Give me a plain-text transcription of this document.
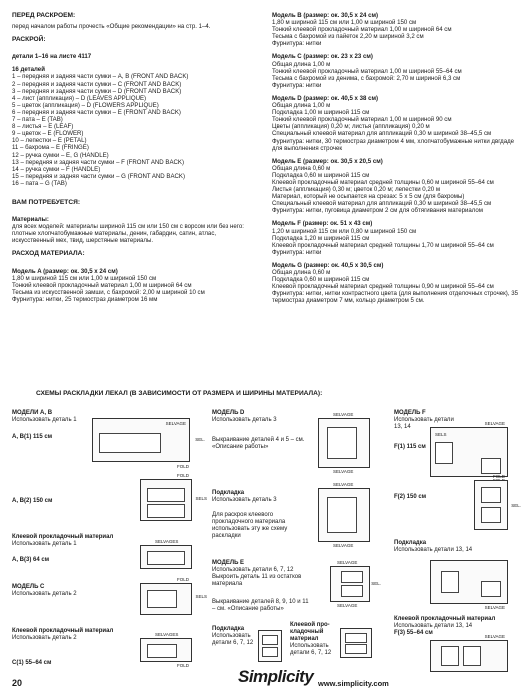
ПЕРЕД РАСКРОЕМ:

перед началом работы прочесть «Общие рекомендации» на стр. 1–4.

РАСКРОЙ:

детали 1–16 на листе 4117

16 деталей

1 – передняя и задняя части сумки – A, B (FRONT AND BACK)
2 – передняя и задняя части сумки – C (FRONT AND BACK)
3 – передняя и задняя части сумки – D (FRONT AND BACK)
4 – лист (аппликация) – D (LEAVES APPLIQUE)
5 – цветок (аппликация) – D (FLOWERS APPLIQUE)
6 – передняя и задняя части сумки – E (FRONT AND BACK)
7 – пата – E (TAB)
8 – листья – E (LEAF)
9 – цветок – E (FLOWER)
10 – лепестки – E (PETAL)
11 – бахрома – E (FRINGE)
12 – ручка сумки – E, G (HANDLE)
13 – передняя и задняя части сумки – F (FRONT AND BACK)
14 – ручка сумки – F (HANDLE)
15 – передняя и задняя части сумки – G (FRONT AND BACK)
16 – пата – G (TAB)
ВАМ ПОТРЕБУЕТСЯ:

Материалы:

для всех моделей: материалы шириной 115 см или 150 см с ворсом или без него: плотные хлопчатобумажные материалы, денин, габардин, сатин, атлас, искусственный мех, твид, шерстяные материалы.

РАСХОД МАТЕРИАЛА:

Модель A (размер: ок. 30,5 x 24 см)

1,80 м шириной 115 см или 1,00 м шириной 150 см

Тонкий клеевой прокладочный материал 1,00 м шириной 64 см

Тесьма из искусственной замши, с бахромой: 2,00 м шириной 10 см

Фурнитура: нитки, 25 термостраз диаметром 16 мм

Модель B (размер: ок. 30,5 x 24 см)

1,80 м шириной 115 см или 1,00 м шириной 150 см

Тонкий клеевой прокладочный материал 1,00 м шириной 64 см

Тесьма с бахромой из пайеток 2,20 м шириной 3,2 см

Фурнитура: нитки

Модель C (размер: ок. 23 x 23 см)

Общая длина 1,00 м

Тонкий клеевой прокладочный материал 1,00 м шириной 55–64 см

Тесьма с бахромой из денима, с бахромой: 2,70 м шириной 6,3 см

Фурнитура: нитки

Модель D (размер: ок. 40,5 x 38 см)

Общая длина 1,00 м

Подкладка 1,00 м шириной 115 см

Тонкий клеевой прокладочный материал 1,00 м шириной 90 см

Цветы (аппликация) 0,20 м; листья (аппликация) 0,20 м

Специальный клеевой материал для аппликаций 0,30 м шириной 38–45,5 см

Фурнитура: нитки, 30 термостраз диаметром 4 мм, хлопчатобумажные нитки двгдаде для выполнения строчек

Модель E (размер: ок. 30,5 x 20,5 см)

Общая длина 0,60 м

Подкладка 0,60 м шириной 115 см

Клеевой прокладочный материал средней толщины 0,60 м шириной 55–64 см

Листья (аппликация) 0,30 м; цветок 0,20 м; лепестки 0,20 м

Материал, который не осыпается на срезах: 5 x 5 см (для бахромы)

Специальный клеевой материал для аппликаций 0,30 м шириной 38–45,5 см

Фурнитура: нитки, пуговица диаметром 2 см для обтягивания материалом

Модель F (размер: ок. 51 x 43 см)

1,20 м шириной 115 см или 0,80 м шириной 150 см

Подкладка 1,20 м шириной 115 см

Клеевой прокладочный материал средней толщины 1,70 м шириной 55–64 см

Фурнитура: нитки

Модель G (размер: ок. 40,5 x 30,5 см)

Общая длина 0,60 м

Подкладка 0,60 м шириной 115 см

Клеевой прокладочный материал средней толщины 0,90 м шириной 55–64 см

Фурнитура: нитки, нитки контрастного цвета (для выполнения отделочных строчек), 35 термостраз диаметром 7 мм, кольцо диаметром 5 см.

СХЕМЫ РАСКЛАДКИ ЛЕКАЛ (В ЗАВИСИМОСТИ ОТ РАЗМЕРА И ШИРИНЫ МАТЕРИАЛА):
МОДЕЛИ A, B
Использовать деталь 1
A, B(1) 115 см
SELVAGE
FOLD
SEL.
A, B(2) 150 см
FOLD
SELS
Клеевой прокладочный материал
Использовать деталь 1
A, B(3) 64 см
SELVAGES
МОДЕЛЬ C
Использовать деталь 2
FOLD
SELS
Клеевой прокладочный материал
Использовать деталь 2
C(1) 55–64 см
SELVAGES
FOLD
МОДЕЛЬ D
Использовать деталь 3
Выкраивание деталей 4 и 5 – см. «Описание работы»
SELVAGE
SELVAGE
Подкладка
Использовать деталь 3
Для раскроя клеевого прокладочного материала использовать эту же схему раскладки
SELVAGE
SELVAGE
МОДЕЛЬ E
Использовать детали 6, 7, 12
Выкроить деталь 11 из остатков материала
Выкраивание деталей 8, 9, 10 и 11 – см. «Описание работы»
SELVAGE
SEL.
SELVAGE
Подкладка
Использовать детали 6, 7, 12
Клеевой прокладочный материал
Использовать детали 6, 7, 12
МОДЕЛЬ F
Использовать детали 13, 14
F(1) 115 см
SELVAGE
SELS
F(2) 150 см
FOLD
SEL.
Подкладка
Использовать детали 13, 14
SELVAGE
Клеевой прокладочный материал
Использовать детали 13, 14
F(3) 55–64 см
SELVAGE
20	Simplicity www.simplicity.com
